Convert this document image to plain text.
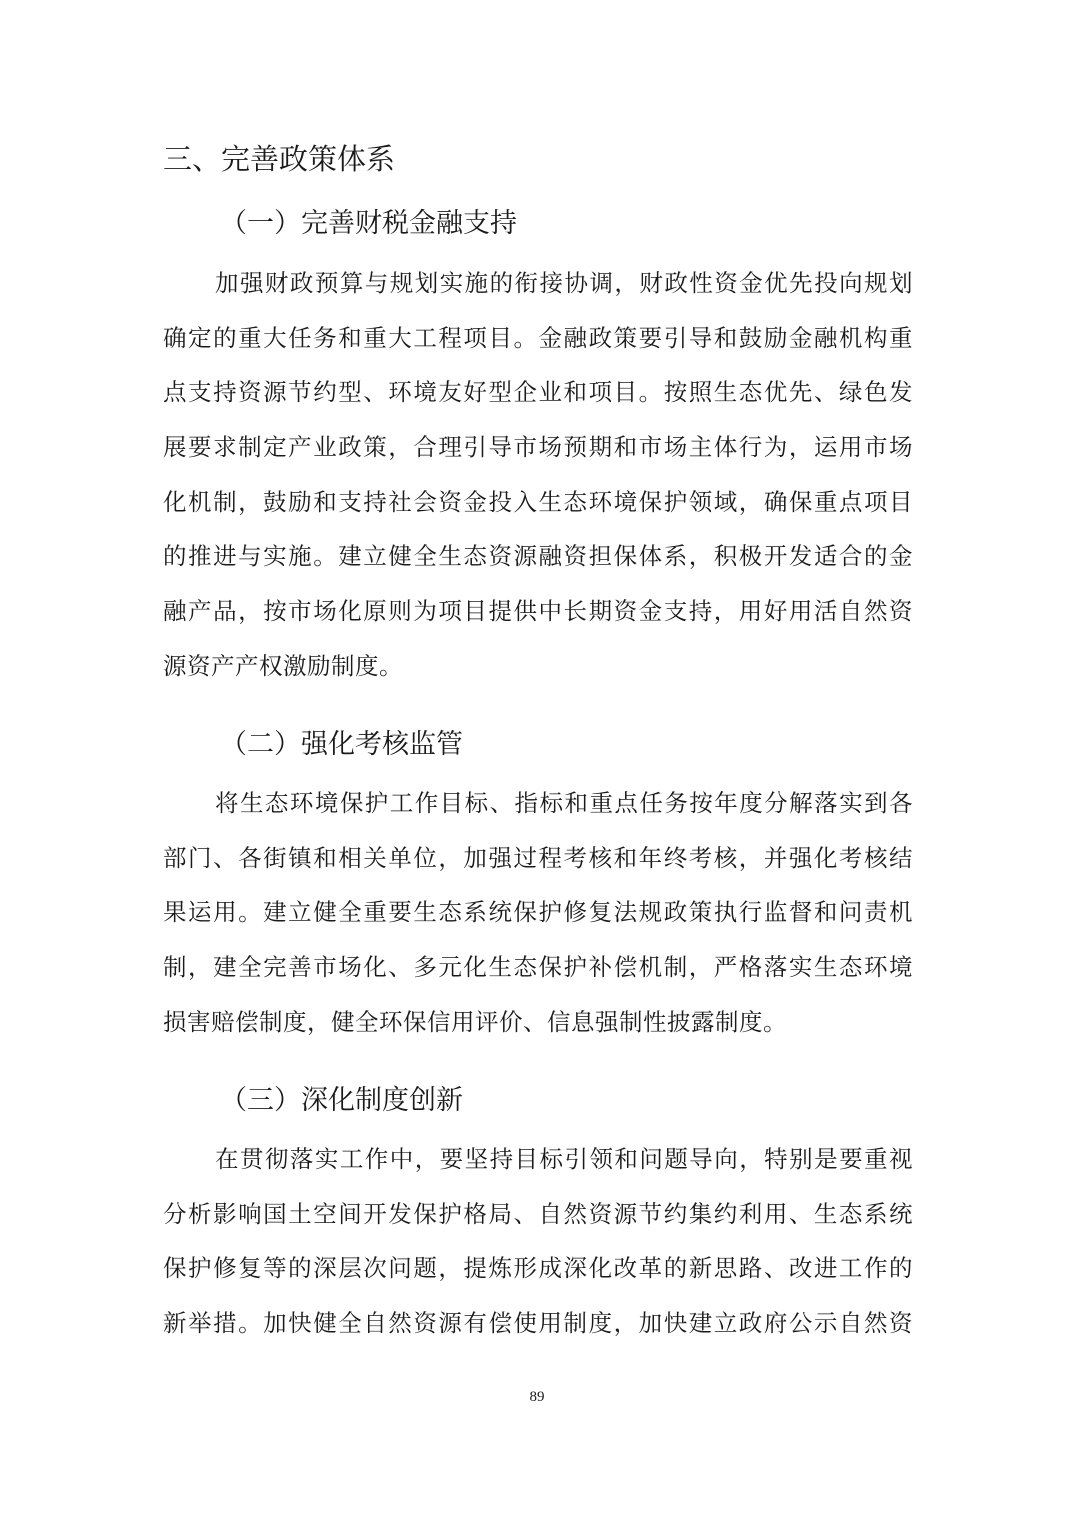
三、完善政策体系
（一）完善财税金融支持
加强财政预算与规划实施的衔接协调，财政性资金优先投向规划
确定的重大任务和重大工程项目。金融政策要引导和鼓励金融机构重
点支持资源节约型、环境友好型企业和项目。按照生态优先、绿色发
展要求制定产业政策，合理引导市场预期和市场主体行为，运用市场
化机制，鼓励和支持社会资金投入生态环境保护领域，确保重点项目
的推进与实施。建立健全生态资源融资担保体系，积极开发适合的金
融产品，按市场化原则为项目提供中长期资金支持，用好用活自然资
源资产产权激励制度。
（二）强化考核监管
将生态环境保护工作目标、指标和重点任务按年度分解落实到各
部门、各街镇和相关单位，加强过程考核和年终考核，并强化考核结
果运用。建立健全重要生态系统保护修复法规政策执行监督和问责机
制，建全完善市场化、多元化生态保护补偿机制，严格落实生态环境
损害赔偿制度，健全环保信用评价、信息强制性披露制度。
（三）深化制度创新
在贯彻落实工作中，要坚持目标引领和问题导向，特别是要重视
分析影响国土空间开发保护格局、自然资源节约集约利用、生态系统
保护修复等的深层次问题，提炼形成深化改革的新思路、改进工作的
新举措。加快健全自然资源有偿使用制度，加快建立政府公示自然资
89
